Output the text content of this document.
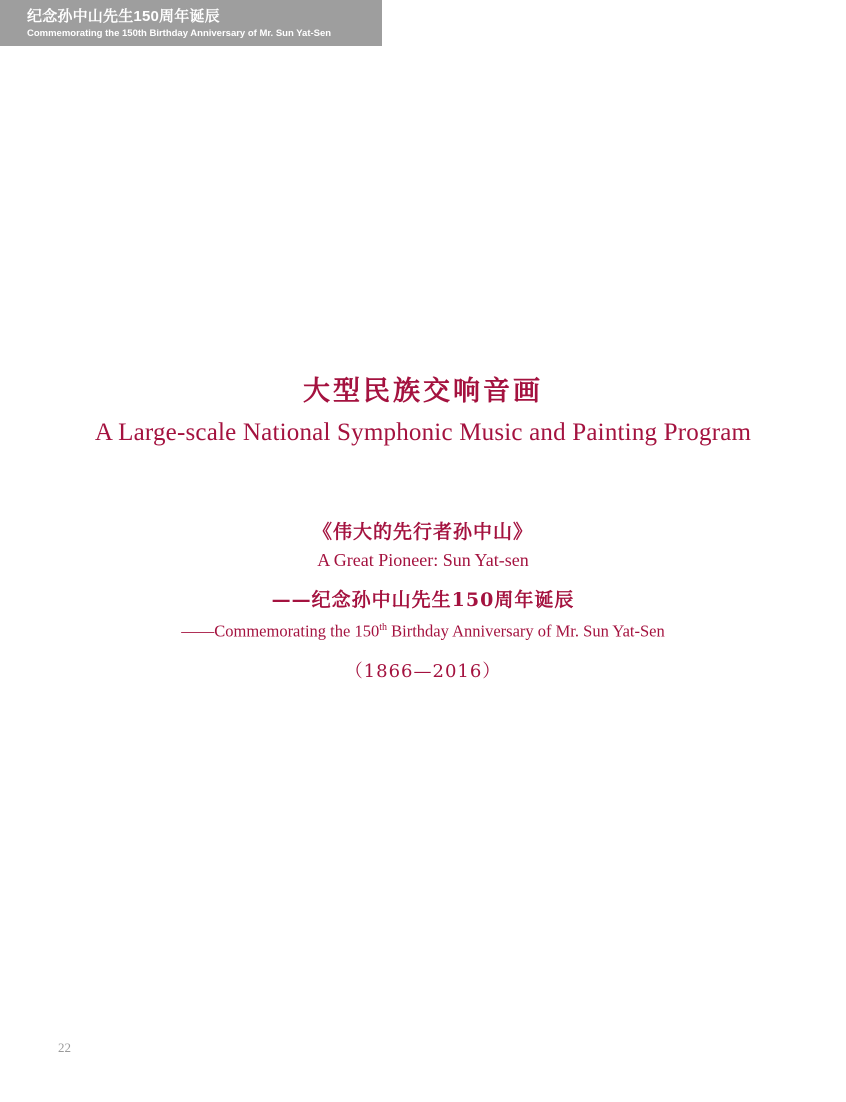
纪念孙中山先生150周年诞辰
Commemorating the 150th Birthday Anniversary of Mr. Sun Yat-Sen
大型民族交响音画
A Large-scale National Symphonic Music and Painting Program
《伟大的先行者孙中山》
A Great Pioneer: Sun Yat-sen
——纪念孙中山先生150周年诞辰
——Commemorating the 150th Birthday Anniversary of Mr. Sun Yat-Sen
（1866—2016）
22
